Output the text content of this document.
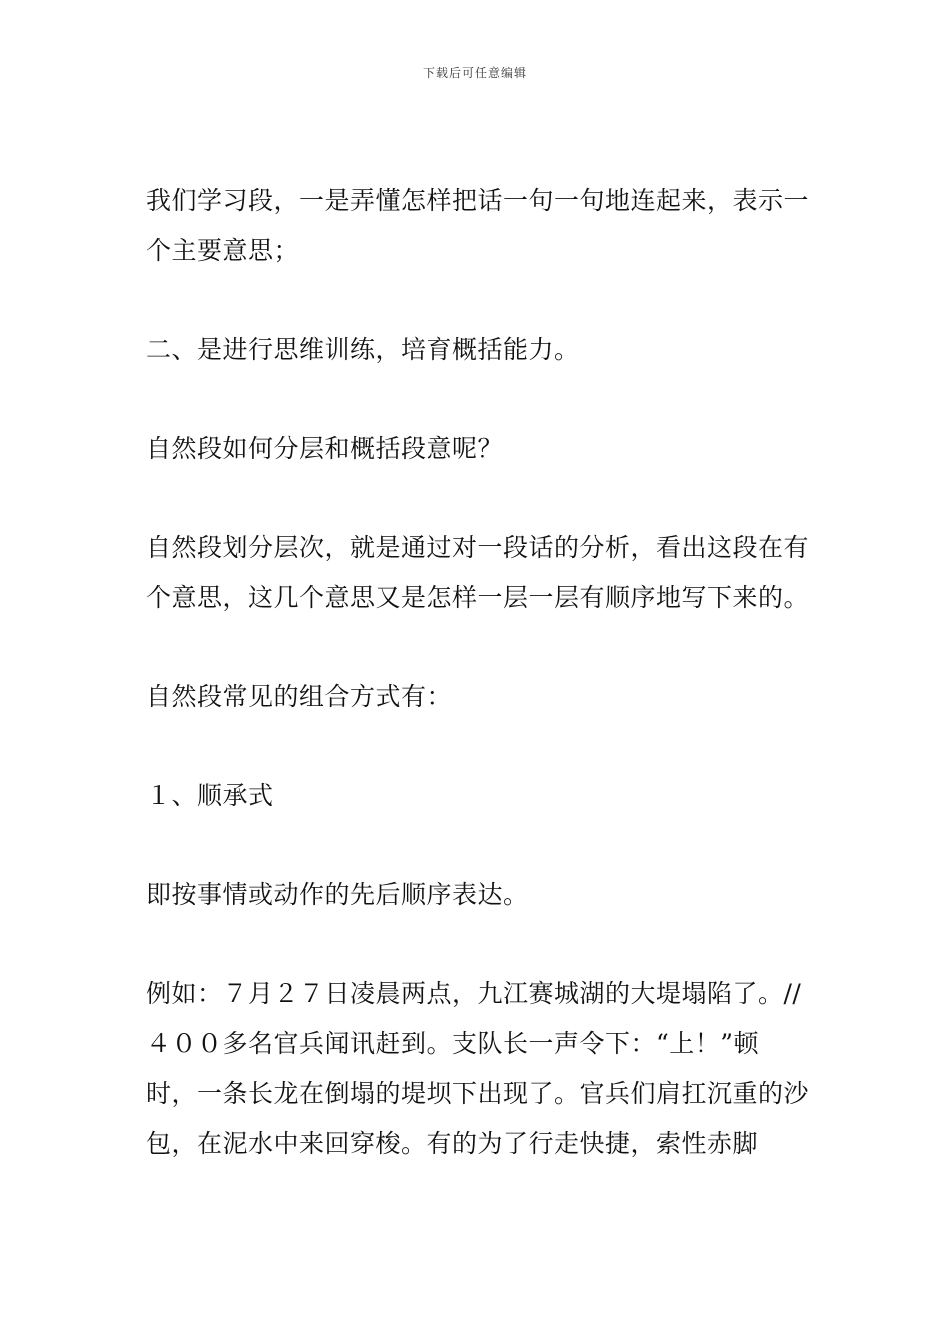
下载后可任意编辑

我们学习段，一是弄懂怎样把话一句一句地连起来，表示一个主要意思；

二、是进行思维训练，培育概括能力。

自然段如何分层和概括段意呢？

自然段划分层次，就是通过对一段话的分析，看出这段在有个意思，这几个意思又是怎样一层一层有顺序地写下来的。

自然段常见的组合方式有：

１、顺承式

即按事情或动作的先后顺序表达。

例如：７月２７日凌晨两点，九江赛城湖的大堤塌陷了。//４００多名官兵闻讯赶到。支队长一声令下：“上！”顿时，一条长龙在倒塌的堤坝下出现了。官兵们肩扛沉重的沙包，在泥水中来回穿梭。有的为了行走快捷，索性赤脚
